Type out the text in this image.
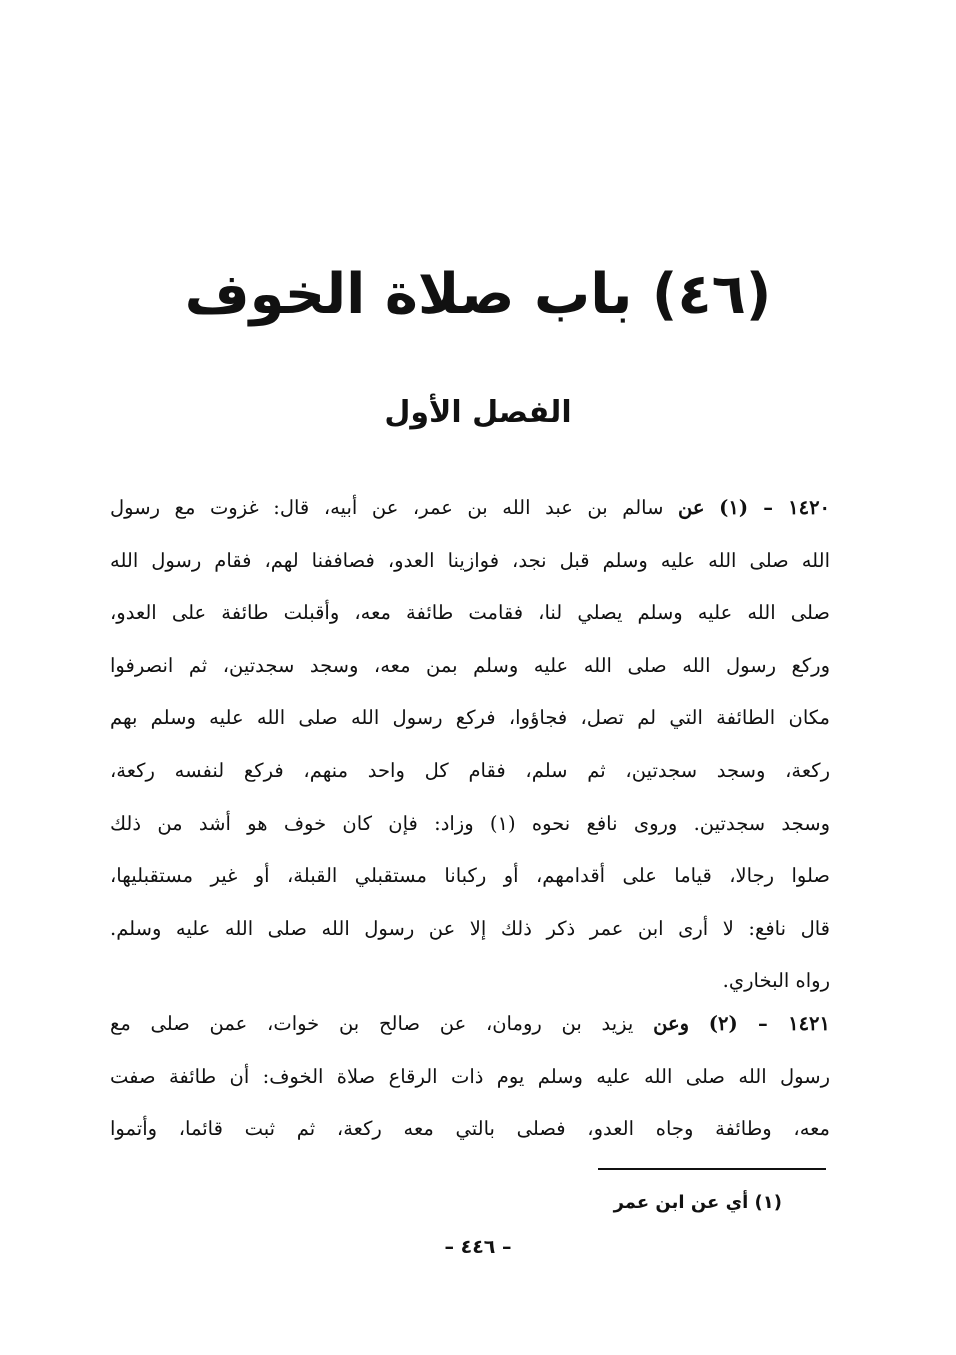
(٤٦) باب صلاة الخوف
الفصل الأول
١٤٢٠ – (١) عن سالم بن عبد الله بن عمر، عن أبيه، قال: غزوت مع رسول
الله صلى الله عليه وسلم قبل نجد، فوازينا العدو، فصاففنا لهم، فقام رسول الله
صلى الله عليه وسلم يصلي لنا، فقامت طائفة معه، وأقبلت طائفة على العدو،
وركع رسول الله صلى الله عليه وسلم بمن معه، وسجد سجدتين، ثم انصرفوا
مكان الطائفة التي لم تصل، فجاؤوا، فركع رسول الله صلى الله عليه وسلم بهم
ركعة، وسجد سجدتين، ثم سلم، فقام كل واحد منهم، فركع لنفسه ركعة،
وسجد سجدتين. وروى نافع نحوه (١) وزاد: فإن كان خوف هو أشد من ذلك
صلوا رجالا، قياما على أقدامهم، أو ركبانا مستقبلي القبلة، أو غير مستقبليها،
قال نافع: لا أرى ابن عمر ذكر ذلك إلا عن رسول الله صلى الله عليه وسلم.
رواه البخاري.
١٤٢١ – (٢) وعن يزيد بن رومان، عن صالح بن خوات، عمن صلى مع
رسول الله صلى الله عليه وسلم يوم ذات الرقاع صلاة الخوف: أن طائفة صفت
معه، وطائفة وجاه العدو، فصلى بالتي معه ركعة، ثم ثبت قائما، وأتموا
(١) أي عن ابن عمر
– ٤٤٦ –
